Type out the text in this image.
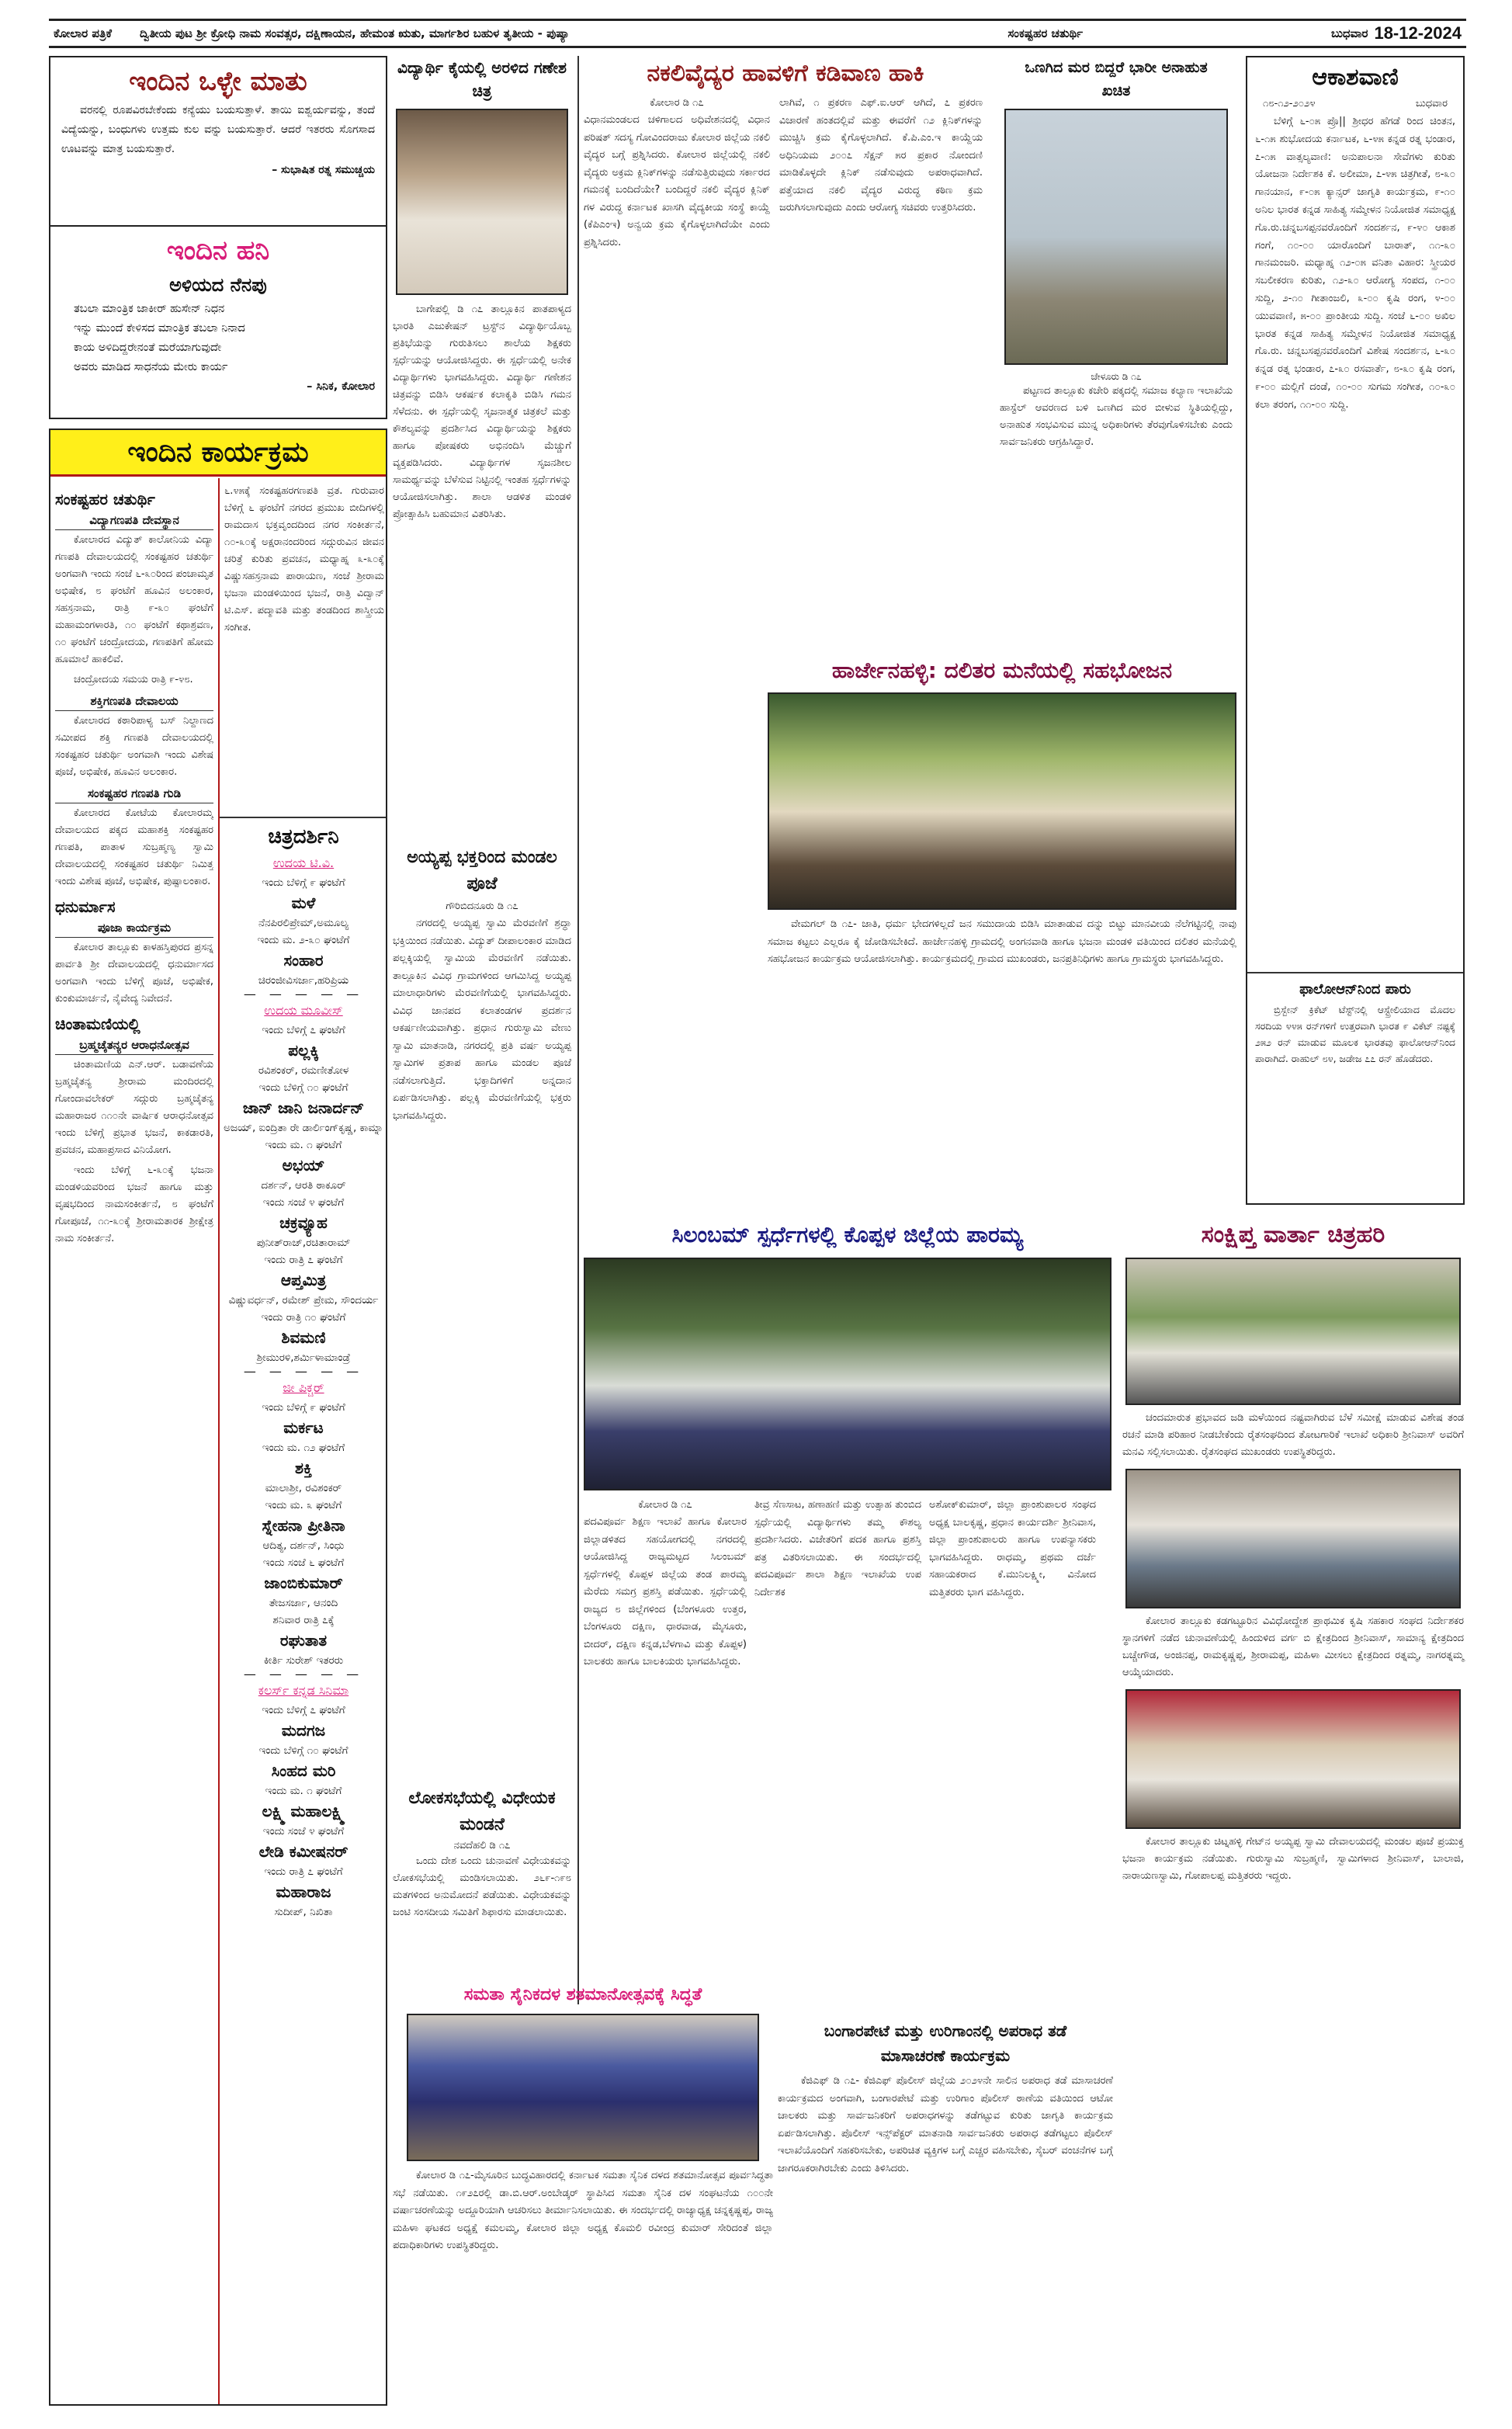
ಕೋಲಾರ ಪತ್ರಿಕೆ ದ್ವಿತೀಯ ಪುಟ ಶ್ರೀ ಕ್ರೋಧಿ ನಾಮ ಸಂವತ್ಸರ, ದಕ್ಷಿಣಾಯನ, ಹೇಮಂತ ಋತು, ಮಾರ್ಗಶಿರ ಬಹುಳ ತೃತೀಯ - ಪುಷ್ಯಾ	ಸಂಕಷ್ಟಹರ ಚತುರ್ಥಿ	ಬುಧವಾರ 18-12-2024
ಇಂದಿನ ಒಳ್ಳೇ ಮಾತು
ವರನಲ್ಲಿ ರೂಪವಿರಬೇಕೆಂದು ಕನ್ಯೆಯು ಬಯಸುತ್ತಾಳೆ. ತಾಯಿ ಐಶ್ವರ್ಯವನ್ನು, ತಂದೆ ವಿದ್ಯೆಯನ್ನು, ಬಂಧುಗಳು ಉತ್ತಮ ಕುಲ ವನ್ನು ಬಯಸುತ್ತಾರೆ. ಆದರೆ ಇತರರು ಸೊಗಸಾದ ಊಟವನ್ನು ಮಾತ್ರ ಬಯಸುತ್ತಾರೆ.
– ಸುಭಾಷಿತ ರತ್ನ ಸಮುಚ್ಚಯ
ಇಂದಿನ ಹನಿ
ಅಳಿಯದ ನೆನಪು
ತಬಲಾ ಮಾಂತ್ರಿಕ ಜಾಕೀರ್ ಹುಸೇನ್ ನಿಧನ
ಇನ್ನು ಮುಂದೆ ಕೇಳಿಸದ ಮಾಂತ್ರಿಕ ತಬಲಾ ನಿನಾದ
ಕಾಯ ಅಳಿದಿದ್ದರೇನಂತೆ ಮರೆಯಾಗುವುದೇ
ಅವರು ಮಾಡಿದ ಸಾಧನೆಯ ಮೇರು ಕಾರ್ಯ
– ಸಿನಿಕ, ಕೋಲಾರ
ಇಂದಿನ ಕಾರ್ಯಕ್ರಮ
ಸಂಕಷ್ಟಹರ ಚತುರ್ಥಿ
ವಿದ್ಯಾಗಣಪತಿ ದೇವಸ್ಥಾನ
ಕೋಲಾರದ ವಿದ್ಯುತ್ ಕಾಲೋನಿಯ ವಿದ್ಯಾ ಗಣಪತಿ ದೇವಾಲಯದಲ್ಲಿ ಸಂಕಷ್ಟಹರ ಚತುರ್ಥಿ ಅಂಗವಾಗಿ ಇಂದು ಸಂಜೆ ೬-೩೦ರಿಂದ ಪಂಚಾಮೃತ ಅಭಿಷೇಕ, ೮ ಘಂಟೆಗೆ ಹೂವಿನ ಅಲಂಕಾರ, ಸಹಸ್ರನಾಮ, ರಾತ್ರಿ ೯-೩೦ ಘಂಟೆಗೆ ಮಹಾಮಂಗಳಾರತಿ, ೧೦ ಘಂಟೆಗೆ ಕಥಾಶ್ರವಣ, ೧೦ ಘಂಟೆಗೆ ಚಂದ್ರೋದಯ, ಗಣಪತಿಗೆ ಹೋಮ ಹೂಮಾಲೆ ಹಾಕಲಿವೆ.
ಚಂದ್ರೋದಯ ಸಮಯ ರಾತ್ರಿ ೯-೪೮.
ಶಕ್ತಿಗಣಪತಿ ದೇವಾಲಯ
ಕೋಲಾರದ ಕಠಾರಿಪಾಳ್ಯ ಬಸ್ ನಿಲ್ದಾಣದ ಸಮೀಪದ ಶಕ್ತಿ ಗಣಪತಿ ದೇವಾಲಯದಲ್ಲಿ ಸಂಕಷ್ಟಹರ ಚತುರ್ಥಿ ಅಂಗವಾಗಿ ಇಂದು ವಿಶೇಷ ಪೂಜೆ, ಅಭಿಷೇಕ, ಹೂವಿನ ಅಲಂಕಾರ.
ಸಂಕಷ್ಟಹರ ಗಣಪತಿ ಗುಡಿ
ಕೋಲಾರದ ಕೋಟೆಯ ಕೋಲಾರಮ್ಮ ದೇವಾಲಯದ ಪಕ್ಕದ ಮಹಾಶಕ್ತಿ ಸಂಕಷ್ಟಹರ ಗಣಪತಿ, ಪಾತಾಳ ಸುಬ್ರಹ್ಮಣ್ಯ ಸ್ವಾಮಿ ದೇವಾಲಯದಲ್ಲಿ ಸಂಕಷ್ಟಹರ ಚತುರ್ಥಿ ನಿಮಿತ್ತ ಇಂದು ವಿಶೇಷ ಪೂಜೆ, ಅಭಿಷೇಕ, ಪುಷ್ಪಾಲಂಕಾರ.
ಧನುರ್ಮಾಸ
ಪೂಜಾ ಕಾರ್ಯಕ್ರಮ
ಕೋಲಾರ ತಾಲ್ಲೂಕು ಕಾಳಹಸ್ತಿಪುರದ ಪ್ರಸನ್ನ ಪಾರ್ವತಿ ಶ್ರೀ ದೇವಾಲಯದಲ್ಲಿ ಧನುರ್ಮಾಸದ ಅಂಗವಾಗಿ ಇಂದು ಬೆಳಿಗ್ಗೆ ಪೂಜೆ, ಅಭಿಷೇಕ, ಕುಂಕುಮಾರ್ಚನೆ, ನೈವೇದ್ಯ ನಿವೇದನೆ.
ಚಿಂತಾಮಣಿಯಲ್ಲಿ
ಬ್ರಹ್ಮಚೈತನ್ಯರ ಆರಾಧನೋತ್ಸವ
ಚಿಂತಾಮಣಿಯ ಎನ್.ಆರ್. ಬಡಾವಣೆಯ ಬ್ರಹ್ಮಚೈತನ್ಯ ಶ್ರೀರಾಮ ಮಂದಿರದಲ್ಲಿ ಗೋಂದಾವಲೇಕರ್ ಸದ್ಗುರು ಬ್ರಹ್ಮಚೈತನ್ಯ ಮಹಾರಾಜರ ೧೧೦ನೇ ವಾರ್ಷಿಕ ಆರಾಧನೋತ್ಸವ ಇಂದು ಬೆಳಿಗ್ಗೆ ಪ್ರಭಾತ ಭಜನೆ, ಕಾಕಡಾರತಿ, ಪ್ರವಚನ, ಮಹಾಪ್ರಸಾದ ವಿನಿಯೋಗ.
ಇಂದು ಬೆಳಿಗ್ಗೆ ೬-೩೦ಕ್ಕೆ ಭಜನಾ ಮಂಡಳಿಯವರಿಂದ ಭಜನೆ ಹಾಗೂ ಮತ್ತು ವೃಷಭದಿಂದ ನಾಮಸಂಕೀರ್ತನೆ, ೮ ಘಂಟೆಗೆ ಗೋಪೂಜೆ, ೧೧-೩೦ಕ್ಕೆ ಶ್ರೀರಾಮತಾರಕ ಶ್ರೀಕ್ಷೇತ್ರ ನಾಮ ಸಂಕೀರ್ತನೆ.
೬.೪೫ಕ್ಕೆ ಸಂಕಷ್ಟಹರಗಣಪತಿ ವ್ರತ. ಗುರುವಾರ ಬೆಳಿಗ್ಗೆ ೬ ಘಂಟೆಗೆ ನಗರದ ಪ್ರಮುಖ ಬೀದಿಗಳಲ್ಲಿ ರಾಮದಾಸ ಭಕ್ತವೃಂದದಿಂದ ನಗರ ಸಂಕೀರ್ತನೆ, ೧೦-೩೦ಕ್ಕೆ ಅಕ್ಷರಾನಂದರಿಂದ ಸದ್ಗುರುವಿನ ಜೀವನ ಚರಿತ್ರೆ ಕುರಿತು ಪ್ರವಚನ, ಮಧ್ಯಾಹ್ನ ೩-೩೦ಕ್ಕೆ ವಿಷ್ಣುಸಹಸ್ರನಾಮ ಪಾರಾಯಣ, ಸಂಜೆ ಶ್ರೀರಾಮ ಭಜನಾ ಮಂಡಳಿಯಿಂದ ಭಜನೆ, ರಾತ್ರಿ ವಿದ್ವಾನ್ ಟಿ.ಎಸ್. ಪದ್ಮಾವತಿ ಮತ್ತು ತಂಡದಿಂದ ಶಾಸ್ತ್ರೀಯ ಸಂಗೀತ.
ಚಿತ್ರದರ್ಶಿನಿ
ಉದಯ ಟಿ.ವಿ.
ಇಂದು ಬೆಳಿಗ್ಗೆ ೯ ಘಂಟೆಗೆ
ಮಳೆ
ನೆನಪಿರಲಿಪ್ರೇಮ್,ಅಮೂಲ್ಯ
ಇಂದು ಮ. ೨-೩೦ ಘಂಟೆಗೆ
ಸಂಹಾರ
ಚಿರಂಜೀವಿಸರ್ಜಾ,ಹರಿಪ್ರಿಯ
— — — — —
ಉದಯ ಮೂವೀಸ್
ಇಂದು ಬೆಳಿಗ್ಗೆ ೭ ಘಂಟೆಗೆ
ಪಲ್ಲಕ್ಕಿ
ರವಿಶಂಕರ್, ರಮಣೀತೋಳ
ಇಂದು ಬೆಳಿಗ್ಗೆ ೧೦ ಘಂಟೆಗೆ
ಜಾನ್ ಜಾನಿ ಜನಾರ್ದನ್
ಅಜಯ್, ಐಂದ್ರಿತಾ ರೇ ಡಾರ್ಲಿಂಗ್‌ಕೃಷ್ಣ, ಕಾಮ್ನಾ
ಇಂದು ಮ. ೧ ಘಂಟೆಗೆ
ಅಭಯ್
ದರ್ಶನ್, ಆರತಿ ಠಾಕೂರ್
ಇಂದು ಸಂಜೆ ೪ ಘಂಟೆಗೆ
ಚಕ್ರವ್ಯೂಹ
ಪುನೀತ್‌ರಾಜ್,ರಚಿತಾರಾಮ್
ಇಂದು ರಾತ್ರಿ ೭ ಘಂಟೆಗೆ
ಆಪ್ತಮಿತ್ರ
ವಿಷ್ಣುವರ್ಧನ್, ರಮೇಶ್ ಪ್ರೇಮ, ಸೌಂದರ್ಯ
ಇಂದು ರಾತ್ರಿ ೧೦ ಘಂಟೆಗೆ
ಶಿವಮಣಿ
ಶ್ರೀಮುರಳಿ,ಶರ್ಮಿಳಾಮಾಂಡ್ರೆ
— — — — —
ಜೀ ಪಿಕ್ಚರ್
ಇಂದು ಬೆಳಿಗ್ಗೆ ೯ ಘಂಟೆಗೆ
ಮರ್ಕಟ
ಇಂದು ಮ. ೧೨ ಘಂಟೆಗೆ
ಶಕ್ತಿ
ಮಾಲಾಶ್ರೀ, ರವಿಶಂಕರ್
ಇಂದು ಮ. ೩ ಘಂಟೆಗೆ
ಸ್ನೇಹನಾ ಪ್ರೀತಿನಾ
ಆದಿತ್ಯ, ದರ್ಶನ್, ಸಿಂಧು
ಇಂದು ಸಂಜೆ ೬ ಘಂಟೆಗೆ
ಜಾಂಬಿಕುಮಾರ್
ತೇಜಸರ್ಜಾ, ಆನಂದಿ
ಶನಿವಾರ ರಾತ್ರಿ ೭ಕ್ಕೆ
ರಘುತಾತ
ಕೀರ್ತಿ ಸುರೇಶ್ ಇತರರು
— — — — —
ಕಲರ್ಸ್ ಕನ್ನಡ ಸಿನಿಮಾ
ಇಂದು ಬೆಳಿಗ್ಗೆ ೭ ಘಂಟೆಗೆ
ಮದಗಜ
ಇಂದು ಬೆಳಿಗ್ಗೆ ೧೦ ಘಂಟೆಗೆ
ಸಿಂಹದ ಮರಿ
ಇಂದು ಮ. ೧ ಘಂಟೆಗೆ
ಲಕ್ಷ್ಮಿ ಮಹಾಲಕ್ಷ್ಮಿ
ಇಂದು ಸಂಜೆ ೪ ಘಂಟೆಗೆ
ಲೇಡಿ ಕಮೀಷನರ್
ಇಂದು ರಾತ್ರಿ ೭ ಘಂಟೆಗೆ
ಮಹಾರಾಜ
ಸುದೀಪ್, ನಿಖಿತಾ
ವಿದ್ಯಾರ್ಥಿ ಕೈಯಲ್ಲಿ ಅರಳಿದ ಗಣೇಶ ಚಿತ್ರ
ಬಾಗೇಪಲ್ಲಿ ಡಿ ೧೭ ತಾಲ್ಲೂಕಿನ ಪಾತಪಾಳ್ಯದ ಭಾರತಿ ಎಜುಕೇಷನ್ ಟ್ರಸ್ಟ್‌ನ ವಿದ್ಯಾರ್ಥಿಯೊಬ್ಬ ಪ್ರತಿಭೆಯನ್ನು ಗುರುತಿಸಲು ಶಾಲೆಯ ಶಿಕ್ಷಕರು ಸ್ಪರ್ಧೆಯನ್ನು ಆಯೋಜಿಸಿದ್ದರು. ಈ ಸ್ಪರ್ಧೆಯಲ್ಲಿ ಅನೇಕ ವಿದ್ಯಾರ್ಥಿಗಳು ಭಾಗವಹಿಸಿದ್ದರು. ವಿದ್ಯಾರ್ಥಿ ಗಣೇಶನ ಚಿತ್ರವನ್ನು ಬಿಡಿಸಿ ಆಕರ್ಷಕ ಕಲಾಕೃತಿ ಬಿಡಿಸಿ ಗಮನ ಸೆಳೆದನು. ಈ ಸ್ಪರ್ಧೆಯಲ್ಲಿ ಸೃಜನಾತ್ಮಕ ಚಿತ್ರಕಲೆ ಮತ್ತು ಕೌಶಲ್ಯವನ್ನು ಪ್ರದರ್ಶಿಸಿದ ವಿದ್ಯಾರ್ಥಿಯನ್ನು ಶಿಕ್ಷಕರು ಹಾಗೂ ಪೋಷಕರು ಅಭಿನಂದಿಸಿ ಮೆಚ್ಚುಗೆ ವ್ಯಕ್ತಪಡಿಸಿದರು. ವಿದ್ಯಾರ್ಥಿಗಳ ಸೃಜನಶೀಲ ಸಾಮರ್ಥ್ಯವನ್ನು ಬೆಳೆಸುವ ನಿಟ್ಟಿನಲ್ಲಿ ಇಂತಹ ಸ್ಪರ್ಧೆಗಳನ್ನು ಆಯೋಜಿಸಲಾಗಿತ್ತು. ಶಾಲಾ ಆಡಳಿತ ಮಂಡಳಿ ಪ್ರೋತ್ಸಾಹಿಸಿ ಬಹುಮಾನ ವಿತರಿಸಿತು.
ಅಯ್ಯಪ್ಪ ಭಕ್ತರಿಂದ ಮಂಡಲ ಪೂಜೆ
ಗೌರಿಬಿದನೂರು ಡಿ ೧೭
ನಗರದಲ್ಲಿ ಅಯ್ಯಪ್ಪ ಸ್ವಾಮಿ ಮೆರವಣಿಗೆ ಶ್ರದ್ಧಾ ಭಕ್ತಿಯಿಂದ ನಡೆಯಿತು. ವಿದ್ಯುತ್ ದೀಪಾಲಂಕಾರ ಮಾಡಿದ ಪಲ್ಲಕ್ಕಿಯಲ್ಲಿ ಸ್ವಾಮಿಯ ಮೆರವಣಿಗೆ ನಡೆಯಿತು. ತಾಲ್ಲೂಕಿನ ವಿವಿಧ ಗ್ರಾಮಗಳಿಂದ ಆಗಮಿಸಿದ್ದ ಅಯ್ಯಪ್ಪ ಮಾಲಾಧಾರಿಗಳು ಮೆರವಣಿಗೆಯಲ್ಲಿ ಭಾಗವಹಿಸಿದ್ದರು. ವಿವಿಧ ಜಾನಪದ ಕಲಾತಂಡಗಳ ಪ್ರದರ್ಶನ ಆಕರ್ಷಣೀಯವಾಗಿತ್ತು. ಪ್ರಧಾನ ಗುರುಸ್ವಾಮಿ ವೇಣು ಸ್ವಾಮಿ ಮಾತನಾಡಿ, ನಗರದಲ್ಲಿ ಪ್ರತಿ ವರ್ಷ ಅಯ್ಯಪ್ಪ ಸ್ವಾಮಿಗಳ ಪ್ರತಾಪ ಹಾಗೂ ಮಂಡಲ ಪೂಜೆ ನಡೆಸಲಾಗುತ್ತಿದೆ. ಭಕ್ತಾದಿಗಳಿಗೆ ಅನ್ನದಾನ ಏರ್ಪಡಿಸಲಾಗಿತ್ತು. ಪಲ್ಲಕ್ಕಿ ಮೆರವಣಿಗೆಯಲ್ಲಿ ಭಕ್ತರು ಭಾಗವಹಿಸಿದ್ದರು.
ಲೋಕಸಭೆಯಲ್ಲಿ ವಿಧೇಯಕ ಮಂಡನೆ
ನವದೆಹಲಿ ಡಿ ೧೭
ಒಂದು ದೇಶ ಒಂದು ಚುನಾವಣೆ ವಿಧೇಯಕವನ್ನು ಲೋಕಸಭೆಯಲ್ಲಿ ಮಂಡಿಸಲಾಯಿತು. ೨೬೯-೧೯೮ ಮತಗಳಿಂದ ಅನುಮೋದನೆ ಪಡೆಯಿತು. ವಿಧೇಯಕವನ್ನು ಜಂಟಿ ಸಂಸದೀಯ ಸಮಿತಿಗೆ ಶಿಫಾರಸು ಮಾಡಲಾಯಿತು.
ನಕಲಿವೈದ್ಯರ ಹಾವಳಿಗೆ ಕಡಿವಾಣ ಹಾಕಿ
ಕೋಲಾರ ಡಿ ೧೭
ವಿಧಾನಮಂಡಲದ ಚಳಿಗಾಲದ ಅಧಿವೇಶನದಲ್ಲಿ ವಿಧಾನ ಪರಿಷತ್ ಸದಸ್ಯ ಗೋವಿಂದರಾಜು ಕೋಲಾರ ಜಿಲ್ಲೆಯ ನಕಲಿ ವೈದ್ಯರ ಬಗ್ಗೆ ಪ್ರಶ್ನಿಸಿದರು. ಕೋಲಾರ ಜಿಲ್ಲೆಯಲ್ಲಿ ನಕಲಿ ವೈದ್ಯರು ಅಕ್ರಮ ಕ್ಲಿನಿಕ್‌ಗಳನ್ನು ನಡೆಸುತ್ತಿರುವುದು ಸರ್ಕಾರದ ಗಮನಕ್ಕೆ ಬಂದಿದೆಯೇ? ಬಂದಿದ್ದರೆ ನಕಲಿ ವೈದ್ಯರ ಕ್ಲಿನಿಕ್ ಗಳ ವಿರುದ್ಧ ಕರ್ನಾಟಕ ಖಾಸಗಿ ವೈದ್ಯಕೀಯ ಸಂಸ್ಥೆ ಕಾಯ್ದೆ (ಕೆಪಿಎಂಇ) ಅನ್ವಯ ಕ್ರಮ ಕೈಗೊಳ್ಳಲಾಗಿದೆಯೇ ಎಂದು ಪ್ರಶ್ನಿಸಿದರು.
ಲಾಗಿವೆ, ೧ ಪ್ರಕರಣ ಎಫ್.ಐ.ಆರ್ ಆಗಿದೆ, ೭ ಪ್ರಕರಣ ವಿಚಾರಣೆ ಹಂತದಲ್ಲಿವೆ ಮತ್ತು ಈವರೆಗೆ ೧೨ ಕ್ಲಿನಿಕ್‌ಗಳನ್ನು ಮುಚ್ಚಿಸಿ ಕ್ರಮ ಕೈಗೊಳ್ಳಲಾಗಿದೆ. ಕೆ.ಪಿ.ಎಂ.ಇ ಕಾಯ್ದೆಯ ಅಧಿನಿಯಮ ೨೦೦೭ ಸೆಕ್ಷನ್ ೫ರ ಪ್ರಕಾರ ನೋಂದಣಿ ಮಾಡಿಕೊಳ್ಳದೇ ಕ್ಲಿನಿಕ್ ನಡೆಸುವುದು ಅಪರಾಧವಾಗಿದೆ. ಪತ್ತೆಯಾದ ನಕಲಿ ವೈದ್ಯರ ವಿರುದ್ಧ ಕಠಿಣ ಕ್ರಮ ಜರುಗಿಸಲಾಗುವುದು ಎಂದು ಆರೋಗ್ಯ ಸಚಿವರು ಉತ್ತರಿಸಿದರು.
ಒಣಗಿದ ಮರ ಬಿದ್ದರೆ ಭಾರೀ ಅನಾಹುತ ಖಚಿತ
ಚೇಳೂರು ಡಿ ೧೭
ಪಟ್ಟಣದ ತಾಲ್ಲೂಕು ಕಚೇರಿ ಪಕ್ಕದಲ್ಲಿ ಸಮಾಜ ಕಲ್ಯಾಣ ಇಲಾಖೆಯ ಹಾಸ್ಟೆಲ್ ಆವರಣದ ಬಳಿ ಒಣಗಿದ ಮರ ಬೀಳುವ ಸ್ಥಿತಿಯಲ್ಲಿದ್ದು, ಅನಾಹುತ ಸಂಭವಿಸುವ ಮುನ್ನ ಅಧಿಕಾರಿಗಳು ತೆರವುಗೊಳಿಸಬೇಕು ಎಂದು ಸಾರ್ವಜನಿಕರು ಆಗ್ರಹಿಸಿದ್ದಾರೆ.
ಹಾರ್ಜೇನಹಳ್ಳಿ: ದಲಿತರ ಮನೆಯಲ್ಲಿ ಸಹಭೋಜನ
ವೇಮಗಲ್ ಡಿ ೧೭- ಜಾತಿ, ಧರ್ಮ ಭೇದಗಳಿಲ್ಲದೆ ಜನ ಸಮುದಾಯ ಬಿಡಿಸಿ ಮಾತಾಡುವ ದನ್ನು ಬಿಟ್ಟು ಮಾನವೀಯ ನೆಲೆಗಟ್ಟಿನಲ್ಲಿ ನಾವು ಸಮಾಜ ಕಟ್ಟಲು ಎಲ್ಲರೂ ಕೈ ಜೋಡಿಸಬೇಕಿದೆ. ಹಾರ್ಜೇನಹಳ್ಳಿ ಗ್ರಾಮದಲ್ಲಿ ಅಂಗನವಾಡಿ ಹಾಗೂ ಭಜನಾ ಮಂಡಳಿ ವತಿಯಿಂದ ದಲಿತರ ಮನೆಯಲ್ಲಿ ಸಹಭೋಜನ ಕಾರ್ಯಕ್ರಮ ಆಯೋಜಿಸಲಾಗಿತ್ತು. ಕಾರ್ಯಕ್ರಮದಲ್ಲಿ ಗ್ರಾಮದ ಮುಖಂಡರು, ಜನಪ್ರತಿನಿಧಿಗಳು ಹಾಗೂ ಗ್ರಾಮಸ್ಥರು ಭಾಗವಹಿಸಿದ್ದರು.
ಸಿಲಂಬಮ್ ಸ್ಪರ್ಧೆಗಳಲ್ಲಿ ಕೊಪ್ಪಳ ಜಿಲ್ಲೆಯ ಪಾರಮ್ಯ
ಕೋಲಾರ ಡಿ ೧೭
ಪದವಿಪೂರ್ವ ಶಿಕ್ಷಣ ಇಲಾಖೆ ಹಾಗೂ ಕೋಲಾರ ಜಿಲ್ಲಾಡಳಿತದ ಸಹಯೋಗದಲ್ಲಿ ನಗರದಲ್ಲಿ ಆಯೋಜಿಸಿದ್ದ ರಾಜ್ಯಮಟ್ಟದ ಸಿಲಂಬಮ್ ಸ್ಪರ್ಧೆಗಳಲ್ಲಿ ಕೊಪ್ಪಳ ಜಿಲ್ಲೆಯ ತಂಡ ಪಾರಮ್ಯ ಮೆರೆದು ಸಮಗ್ರ ಪ್ರಶಸ್ತಿ ಪಡೆಯಿತು. ಸ್ಪರ್ಧೆಯಲ್ಲಿ ರಾಜ್ಯದ ೮ ಜಿಲ್ಲೆಗಳಿಂದ (ಬೆಂಗಳೂರು ಉತ್ತರ, ಬೆಂಗಳೂರು ದಕ್ಷಿಣ, ಧಾರವಾಡ, ಮೈಸೂರು, ಬೀದರ್, ದಕ್ಷಿಣ ಕನ್ನಡ,ಬೆಳಗಾವಿ ಮತ್ತು ಕೊಪ್ಪಳ) ಬಾಲಕರು ಹಾಗೂ ಬಾಲಕಿಯರು ಭಾಗವಹಿಸಿದ್ದರು.
ತೀವ್ರ ಸೆಣಸಾಟ, ಹಣಾಹಣಿ ಮತ್ತು ಉತ್ಸಾಹ ತುಂಬಿದ ಸ್ಪರ್ಧೆಯಲ್ಲಿ ವಿದ್ಯಾರ್ಥಿಗಳು ತಮ್ಮ ಕೌಶಲ್ಯ ಪ್ರದರ್ಶಿಸಿದರು. ವಿಜೇತರಿಗೆ ಪದಕ ಹಾಗೂ ಪ್ರಶಸ್ತಿ ಪತ್ರ ವಿತರಿಸಲಾಯಿತು. ಈ ಸಂದರ್ಭದಲ್ಲಿ ಪದವಿಪೂರ್ವ ಶಾಲಾ ಶಿಕ್ಷಣ ಇಲಾಖೆಯ ಉಪ ನಿರ್ದೇಶಕ
ಅಶೋಕ್‌ಕುಮಾರ್, ಜಿಲ್ಲಾ ಪ್ರಾಂಶುಪಾಲರ ಸಂಘದ ಅಧ್ಯಕ್ಷ ಬಾಲಕೃಷ್ಣ, ಪ್ರಧಾನ ಕಾರ್ಯದರ್ಶಿ ಶ್ರೀನಿವಾಸ, ಜಿಲ್ಲಾ ಪ್ರಾಂಶುಪಾಲರು ಹಾಗೂ ಉಪನ್ಯಾಸಕರು ಭಾಗವಹಿಸಿದ್ದರು. ರಾಧಮ್ಮ, ಪ್ರಥಮ ದರ್ಜೆ ಸಹಾಯಕರಾದ ಕೆ.ಮುನಿಲಕ್ಷ್ಮೀ, ವಿನೋದ ಮತ್ತಿತರರು ಭಾಗ ವಹಿಸಿದ್ದರು.
ಸಮತಾ ಸೈನಿಕದಳ ಶತಮಾನೋತ್ಸವಕ್ಕೆ ಸಿದ್ಧತೆ
ಕೋಲಾರ ಡಿ ೧೭-ಮೈಸೂರಿನ ಬುದ್ಧವಿಹಾರದಲ್ಲಿ ಕರ್ನಾಟಕ ಸಮತಾ ಸೈನಿಕ ದಳದ ಶತಮಾನೋತ್ಸವ ಪೂರ್ವಸಿದ್ಧತಾ ಸಭೆ ನಡೆಯಿತು. ೧೯೨೭ರಲ್ಲಿ ಡಾ.ಬಿ.ಆರ್.ಅಂಬೇಡ್ಕರ್ ಸ್ಥಾಪಿಸಿದ ಸಮತಾ ಸೈನಿಕ ದಳ ಸಂಘಟನೆಯ ೧೦೦ನೇ ವರ್ಷಾಚರಣೆಯನ್ನು ಅದ್ದೂರಿಯಾಗಿ ಆಚರಿಸಲು ತೀರ್ಮಾನಿಸಲಾಯಿತು. ಈ ಸಂದರ್ಭದಲ್ಲಿ ರಾಜ್ಯಾಧ್ಯಕ್ಷ ಚನ್ನಕೃಷ್ಣಪ್ಪ, ರಾಜ್ಯ ಮಹಿಳಾ ಘಟಕದ ಅಧ್ಯಕ್ಷೆ ಕಮಲಮ್ಮ, ಕೋಲಾರ ಜಿಲ್ಲಾ ಅಧ್ಯಕ್ಷ ಕೊಮಲಿ ರವೀಂದ್ರ ಕುಮಾರ್ ಸೇರಿದಂತೆ ಜಿಲ್ಲಾ ಪದಾಧಿಕಾರಿಗಳು ಉಪಸ್ಥಿತರಿದ್ದರು.
ಬಂಗಾರಪೇಟೆ ಮತ್ತು ಉರಿಗಾಂನಲ್ಲಿ ಅಪರಾಧ ತಡೆ ಮಾಸಾಚರಣೆ ಕಾರ್ಯಕ್ರಮ
ಕೆಜಿಎಫ್ ಡಿ ೧೭- ಕೆಜಿಎಫ್ ಪೊಲೀಸ್ ಜಿಲ್ಲೆಯ ೨೦೨೪ನೇ ಸಾಲಿನ ಅಪರಾಧ ತಡೆ ಮಾಸಾಚರಣೆ ಕಾರ್ಯಕ್ರಮದ ಅಂಗವಾಗಿ, ಬಂಗಾರಪೇಟೆ ಮತ್ತು ಉರಿಗಾಂ ಪೊಲೀಸ್ ಠಾಣೆಯ ವತಿಯಿಂದ ಆಟೋ ಚಾಲಕರು ಮತ್ತು ಸಾರ್ವಜನಿಕರಿಗೆ ಅಪರಾಧಗಳನ್ನು ತಡೆಗಟ್ಟುವ ಕುರಿತು ಜಾಗೃತಿ ಕಾರ್ಯಕ್ರಮ ಏರ್ಪಡಿಸಲಾಗಿತ್ತು. ಪೊಲೀಸ್ ಇನ್ಸ್‌ಪೆಕ್ಟರ್ ಮಾತನಾಡಿ ಸಾರ್ವಜನಿಕರು ಅಪರಾಧ ತಡೆಗಟ್ಟಲು ಪೊಲೀಸ್ ಇಲಾಖೆಯೊಂದಿಗೆ ಸಹಕರಿಸಬೇಕು, ಅಪರಿಚಿತ ವ್ಯಕ್ತಿಗಳ ಬಗ್ಗೆ ಎಚ್ಚರ ವಹಿಸಬೇಕು, ಸೈಬರ್ ವಂಚನೆಗಳ ಬಗ್ಗೆ ಜಾಗರೂಕರಾಗಿರಬೇಕು ಎಂದು ತಿಳಿಸಿದರು.
ಆಕಾಶವಾಣಿ
೧೮-೧೨-೨೦೨೪	ಬುಧವಾರ
ಬೆಳಿಗ್ಗೆ ೬-೦೫ ಪ್ರೊ|| ಶ್ರೀಧರ ಹೆಗಡೆ ರಿಂದ ಚಿಂತನ, ೬-೧೫ ಶುಭೋದಯ ಕರ್ನಾಟಕ, ೬-೪೫ ಕನ್ನಡ ರತ್ನ ಭಂಡಾರ, ೭-೧೫ ವಾತ್ಸಲ್ಯವಾಣಿ: ಅನುಪಾಲನಾ ಸೇವೆಗಳು ಕುರಿತು ಯೋಜನಾ ನಿರ್ದೇಶಕಿ ಕೆ. ಅಲೀಮಾ, ೭-೪೫ ಚಿತ್ರಗೀತೆ, ೮-೩೦ ಗಾನಯಾನ, ೯-೦೫ ಕ್ಯಾನ್ಸರ್ ಜಾಗೃತಿ ಕಾರ್ಯಕ್ರಮ, ೯-೧೦ ಅನಿಲ ಭಾರತ ಕನ್ನಡ ಸಾಹಿತ್ಯ ಸಮ್ಮೇಳನ ನಿಯೋಜಿತ ಸಮಾಧ್ಯಕ್ಷ ಗೊ.ರು.ಚನ್ನಬಸಪ್ಪನವರೊಂದಿಗೆ ಸಂದರ್ಶನ, ೯-೪೦ ಆಕಾಶ ಗಂಗೆ, ೧೦-೦೦ ಯಾರೊಂದಿಗೆ ಬಾರಾತ್, ೧೧-೩೦ ಗಾನಮಂಜರಿ. ಮಧ್ಯಾಹ್ನ ೧೨-೦೫ ವನಿತಾ ವಿಹಾರ: ಸ್ತ್ರೀಯರ ಸಬಲೀಕರಣ ಕುರಿತು, ೧೨-೩೦ ಆರೋಗ್ಯ ಸಂಪದ, ೧-೦೦ ಸುದ್ದಿ, ೨-೧೦ ಗೀತಾಂಜಲಿ, ೩-೦೦ ಕೃಷಿ ರಂಗ, ೪-೦೦ ಯುವವಾಣಿ, ೫-೦೦ ಪ್ರಾಂತೀಯ ಸುದ್ದಿ. ಸಂಜೆ ೬-೦೦ ಅಖಿಲ ಭಾರತ ಕನ್ನಡ ಸಾಹಿತ್ಯ ಸಮ್ಮೇಳನ ನಿಯೋಜಿತ ಸಮಾಧ್ಯಕ್ಷ ಗೊ.ರು. ಚನ್ನಬಸಪ್ಪನವರೊಂದಿಗೆ ವಿಶೇಷ ಸಂದರ್ಶನ, ೬-೩೦ ಕನ್ನಡ ರತ್ನ ಭಂಡಾರ, ೭-೩೦ ರಸವಾರ್ತೆ, ೮-೩೦ ಕೃಷಿ ರಂಗ, ೯-೦೦ ಮಲ್ಲಿಗೆ ದಂಡೆ, ೧೦-೦೦ ಸುಗಮ ಸಂಗೀತ, ೧೦-೩೦ ಕಲಾ ತರಂಗ, ೧೧-೦೦ ಸುದ್ದಿ.
ಫಾಲೋಆನ್‌ನಿಂದ ಪಾರು
ಬ್ರಿಸ್ಬೇನ್ ಕ್ರಿಕೆಟ್ ಟೆಸ್ಟ್‌ನಲ್ಲಿ ಆಸ್ಟ್ರೇಲಿಯಾದ ಮೊದಲ ಸರದಿಯ ೪೪೫ ರನ್‌ಗಳಿಗೆ ಉತ್ತರವಾಗಿ ಭಾರತ ೯ ವಿಕೆಟ್ ನಷ್ಟಕ್ಕೆ ೨೫೨ ರನ್ ಮಾಡುವ ಮೂಲಕ ಭಾರತವು ಫಾಲೋಆನ್‌ನಿಂದ ಪಾರಾಗಿದೆ. ರಾಹುಲ್ ೮೪, ಜಡೇಜ ೭೭ ರನ್ ಹೊಡೆದರು.
ಸಂಕ್ಷಿಪ್ತ ವಾರ್ತಾ ಚಿತ್ರಹರಿ
ಚಂದಮಾರುತ ಪ್ರಭಾವದ ಜಡಿ ಮಳೆಯಿಂದ ನಷ್ಟವಾಗಿರುವ ಬೆಳೆ ಸಮೀಕ್ಷೆ ಮಾಡುವ ವಿಶೇಷ ತಂಡ ರಚನೆ ಮಾಡಿ ಪರಿಹಾರ ನೀಡಬೇಕೆಂದು ರೈತಸಂಘದಿಂದ ತೋಟಗಾರಿಕೆ ಇಲಾಖೆ ಅಧಿಕಾರಿ ಶ್ರೀನಿವಾಸ್ ಅವರಿಗೆ ಮನವಿ ಸಲ್ಲಿಸಲಾಯಿತು. ರೈತಸಂಘದ ಮುಖಂಡರು ಉಪಸ್ಥಿತರಿದ್ದರು.
ಕೋಲಾರ ತಾಲ್ಲೂಕು ಕಡಗಟ್ಟೂರಿನ ವಿವಿಧೋದ್ದೇಶ ಪ್ರಾಥಮಿಕ ಕೃಷಿ ಸಹಕಾರ ಸಂಘದ ನಿರ್ದೇಶಕರ ಸ್ಥಾನಗಳಿಗೆ ನಡೆದ ಚುನಾವಣೆಯಲ್ಲಿ ಹಿಂದುಳಿದ ವರ್ಗ ಬಿ ಕ್ಷೇತ್ರದಿಂದ ಶ್ರೀನಿವಾಸ್, ಸಾಮಾನ್ಯ ಕ್ಷೇತ್ರದಿಂದ ಬಚ್ಚೇಗೌಡ, ಅಂಜಿನಪ್ಪ, ರಾಮಕೃಷ್ಣಪ್ಪ, ಶ್ರೀರಾಮಪ್ಪ, ಮಹಿಳಾ ಮೀಸಲು ಕ್ಷೇತ್ರದಿಂದ ರತ್ನಮ್ಮ, ನಾಗರತ್ನಮ್ಮ ಆಯ್ಕೆಯಾದರು.
ಕೋಲಾರ ತಾಲ್ಲೂಕು ಚಿಟ್ನಹಳ್ಳಿ ಗೇಟ್‌ನ ಅಯ್ಯಪ್ಪ ಸ್ವಾಮಿ ದೇವಾಲಯದಲ್ಲಿ ಮಂಡಲ ಪೂಜೆ ಪ್ರಯುಕ್ತ ಭಜನಾ ಕಾರ್ಯಕ್ರಮ ನಡೆಯಿತು. ಗುರುಸ್ವಾಮಿ ಸುಬ್ರಹ್ಮಣಿ, ಸ್ವಾಮಿಗಳಾದ ಶ್ರೀನಿವಾಸ್, ಬಾಲಾಜಿ, ನಾರಾಯಣಸ್ವಾಮಿ, ಗೋಪಾಲಪ್ಪ ಮತ್ತಿತರರು ಇದ್ದರು.
